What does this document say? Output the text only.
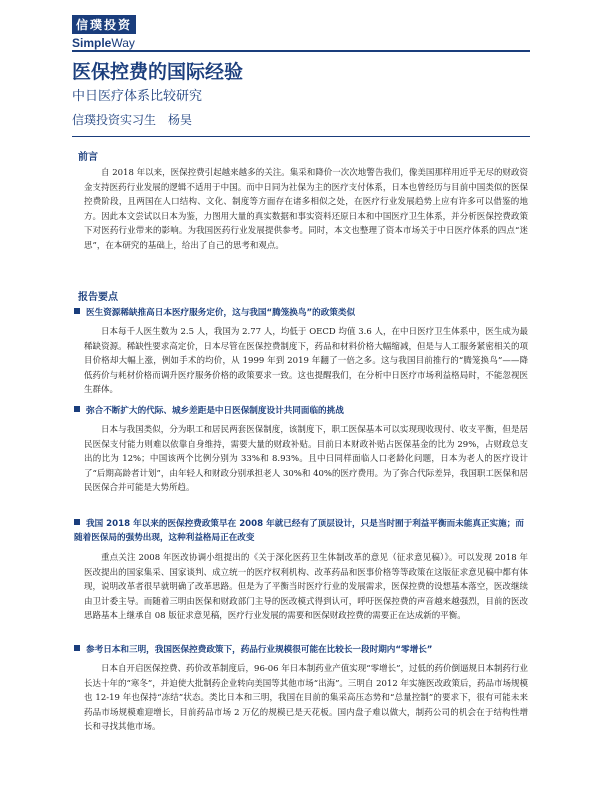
信璞投资
SimpleWay
医保控费的国际经验
中日医疗体系比较研究
信璞投资实习生　杨昊
前言

自 2018 年以来，医保控费引起越来越多的关注。集采和降价一次次地警告我们，像美国那样用近乎无尽的财政资金支持医药行业发展的逻辑不适用于中国。而中日同为社保为主的医疗支付体系，日本也曾经历与目前中国类似的医保控费阶段，且两国在人口结构、文化、制度等方面存在诸多相似之处，在医疗行业发展趋势上应有许多可以借鉴的地方。因此本文尝试以日本为鉴，力图用大量的真实数据和事实资料还原日本和中国医疗卫生体系，并分析医保控费政策下对医药行业带来的影响。为我国医药行业发展提供参考。同时，本文也整理了资本市场关于中日医疗体系的四点“迷思”，在本研究的基础上，给出了自己的思考和观点。

报告要点
医生资源稀缺推高日本医疗服务定价，这与我国“腾笼换鸟”的政策类似

日本每千人医生数为 2.5 人，我国为 2.77 人，均低于 OECD 均值 3.6 人，在中日医疗卫生体系中，医生成为最稀缺资源。稀缺性要求高定价，日本尽管在医保控费制度下，药品和材料价格大幅缩减，但是与人工服务紧密相关的项目价格却大幅上涨，例如手术的均价，从 1999 年到 2019 年翻了一倍之多。这与我国目前推行的“腾笼换鸟”——降低药价与耗材价格而调升医疗服务价格的政策要求一致。这也提醒我们，在分析中日医疗市场利益格局时，不能忽视医生群体。

弥合不断扩大的代际、城乡差距是中日医保制度设计共同面临的挑战

日本与我国类似，分为职工和居民两套医保制度，该制度下，职工医保基本可以实现现收现付、收支平衡，但是居民医保支付能力则难以依靠自身维持，需要大量的财政补贴。目前日本财政补贴占医保基金的比为 29%，占财政总支出的比为 12%；中国该两个比例分别为 33%和 8.93%。且中日同样面临人口老龄化问题，日本为老人的医疗设计了“后期高龄者计划”，由年轻人和财政分别承担老人 30%和 40%的医疗费用。为了弥合代际差异，我国职工医保和居民医保合并可能是大势所趋。

我国 2018 年以来的医保控费政策早在 2008 年就已经有了顶层设计，只是当时囿于利益平衡而未能真正实施；而随着医保局的强势出现，这种利益格局正在改变

重点关注 2008 年医改协调小组提出的《关于深化医药卫生体制改革的意见（征求意见稿）》。可以发现 2018 年医改提出的国家集采、国家谈判、成立统一的医疗权利机构、改革药品和医事价格等等政策在这版征求意见稿中都有体现，说明改革者很早就明确了改革思路。但是为了平衡当时医疗行业的发展需求，医保控费的设想基本落空，医改继续由卫计委主导。而随着三明由医保和财政部门主导的医改模式得到认可，呼吁医保控费的声音越来越强烈，目前的医改思路基本上继承自 08 版征求意见稿，医疗行业发展的需要和医保财政控费的需要正在达成新的平衡。

参考日本和三明，我国医保控费政策下，药品行业规模很可能在比较长一段时期内“零增长”

日本自开启医保控费、药价改革制度后，96-06 年日本制药业产值实现“零增长”，过低的药价倒逼规日本制药行业长达十年的“寒冬”，并迫使大批制药企业转向美国等其他市场“出海”。三明自 2012 年实施医改政策后，药品市场规模也 12-19 年也保持“冻结”状态。类比日本和三明，我国在目前的集采高压态势和“总量控制”的要求下，很有可能未来药品市场规模难迎增长，目前药品市场 2 万亿的规模已是天花板。国内盘子难以做大，制药公司的机会在于结构性增长和寻找其他市场。
